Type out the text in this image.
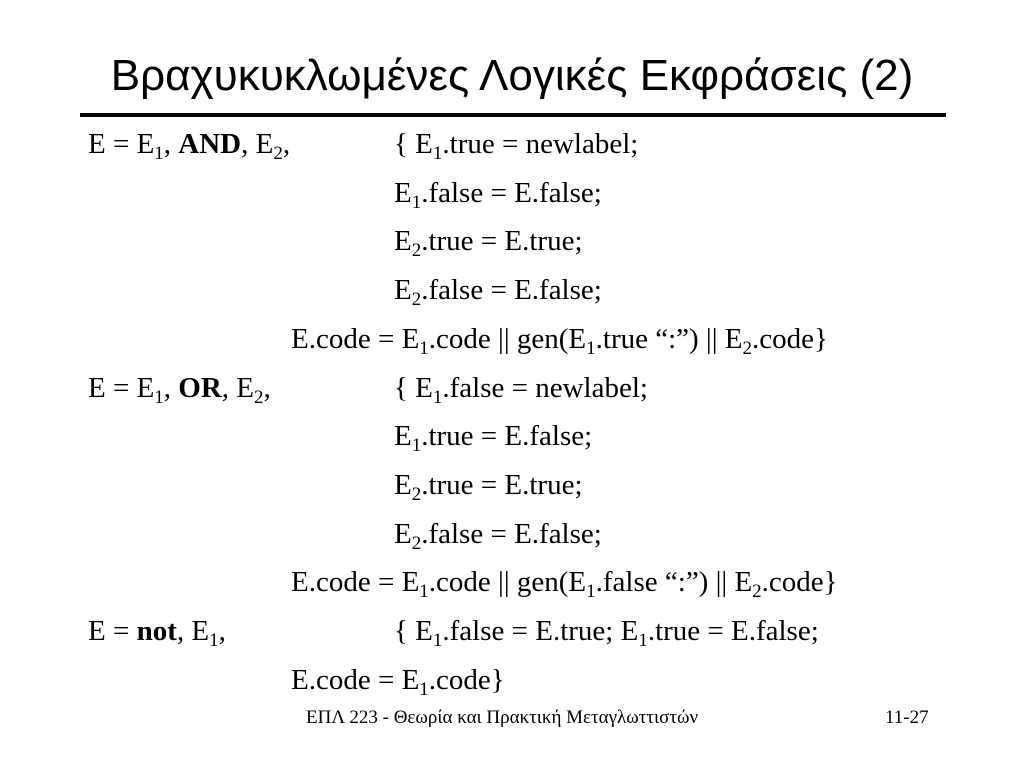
Βραχυκυκλωμένες Λογικές Εκφράσεις (2)
$E = E_1$, AND, $E_2$,	{ $E_1.true$ = newlabel;
$E_1.false$ = E.false;
$E_2.true$ = E.true;
$E_2.false$ = E.false;
E.code = $E_1.code$ || $gen(E_1.true$ “:”) || $E_2.code$}
$E = E_1$, OR, $E_2$,	{ $E_1.false$ = newlabel;
$E_1.true$ = E.false;
$E_2.true$ = E.true;
$E_2.false$ = E.false;
E.code = $E_1.code$ || $gen(E_1.false$ “:”) || $E_2.code$}
E = not, $E_1$,	{ $E_1.false$ = E.true; $E_1.true$ = E.false;
E.code = $E_1.code$}
ΕΠΛ 223 - Θεωρία και Πρακτική Μεταγλωττιστών	11-27
